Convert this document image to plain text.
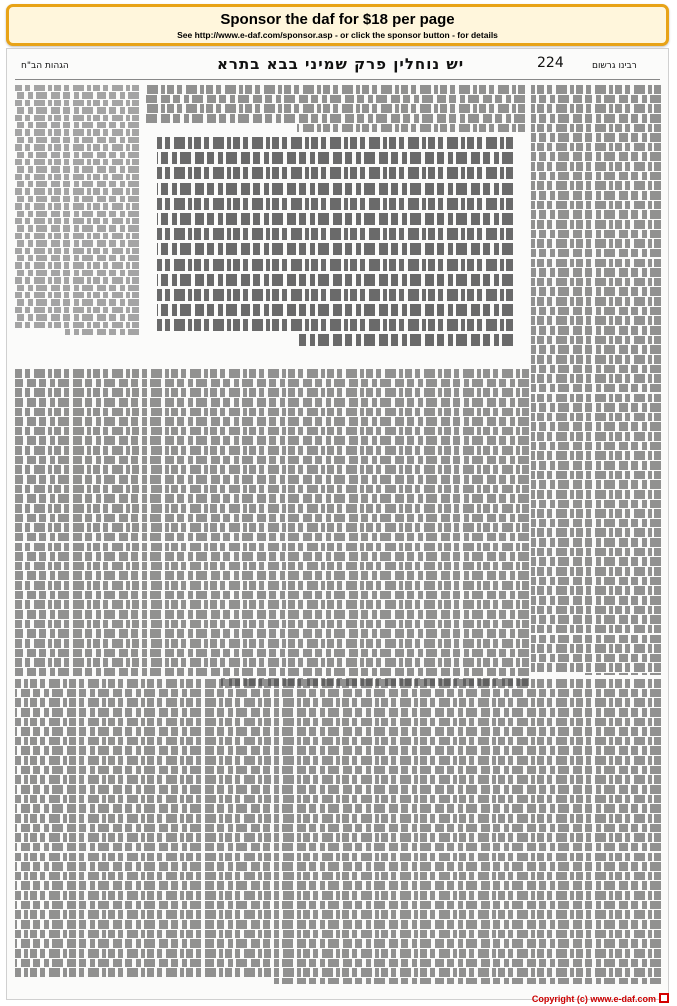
Sponsor the daf for $18 per page
See http://www.e-daf.com/sponsor.asp - or click the sponsor button - for details
הגהות הב"ח	יש נוחלין פרק שמיני בבא בתרא	224	רבינו גרשום
Copyright (c) www.e-daf.com
